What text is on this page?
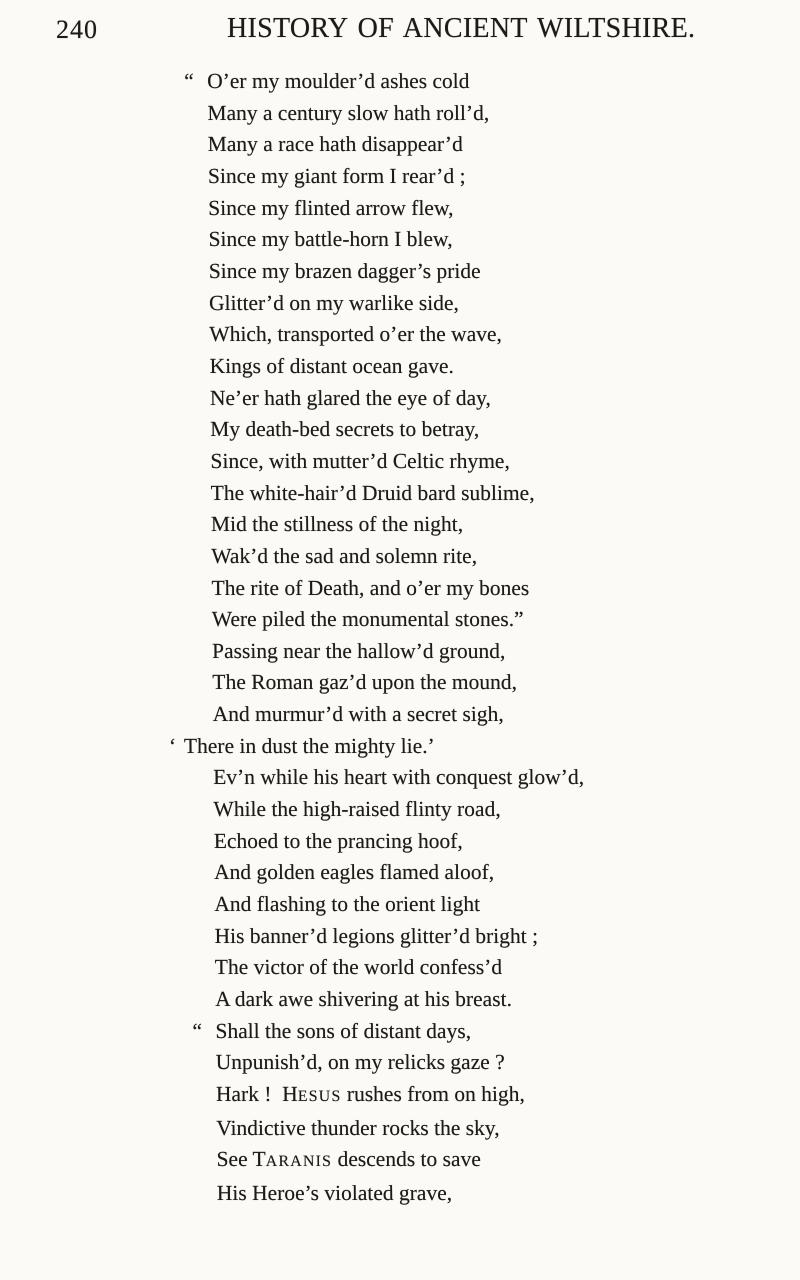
240	HISTORY OF ANCIENT WILTSHIRE.
“ O’er my moulder’d ashes cold
Many a century slow hath roll’d,
Many a race hath disappear’d
Since my giant form I rear’d ;
Since my flinted arrow flew,
Since my battle-horn I blew,
Since my brazen dagger’s pride
Glitter’d on my warlike side,
Which, transported o’er the wave,
Kings of distant ocean gave.
Ne’er hath glared the eye of day,
My death-bed secrets to betray,
Since, with mutter’d Celtic rhyme,
The white-hair’d Druid bard sublime,
Mid the stillness of the night,
Wak’d the sad and solemn rite,
The rite of Death, and o’er my bones
Were piled the monumental stones.”
Passing near the hallow’d ground,
The Roman gaz’d upon the mound,
And murmur’d with a secret sigh,
‘ There in dust the mighty lie.’
Ev’n while his heart with conquest glow’d,
While the high-raised flinty road,
Echoed to the prancing hoof,
And golden eagles flamed aloof,
And flashing to the orient light
His banner’d legions glitter’d bright ;
The victor of the world confess’d
A dark awe shivering at his breast.
“ Shall the sons of distant days,
Unpunish’d, on my relicks gaze ?
Hark !  HESUS rushes from on high,
Vindictive thunder rocks the sky,
See TARANIS descends to save
His Heroe’s violated grave,
